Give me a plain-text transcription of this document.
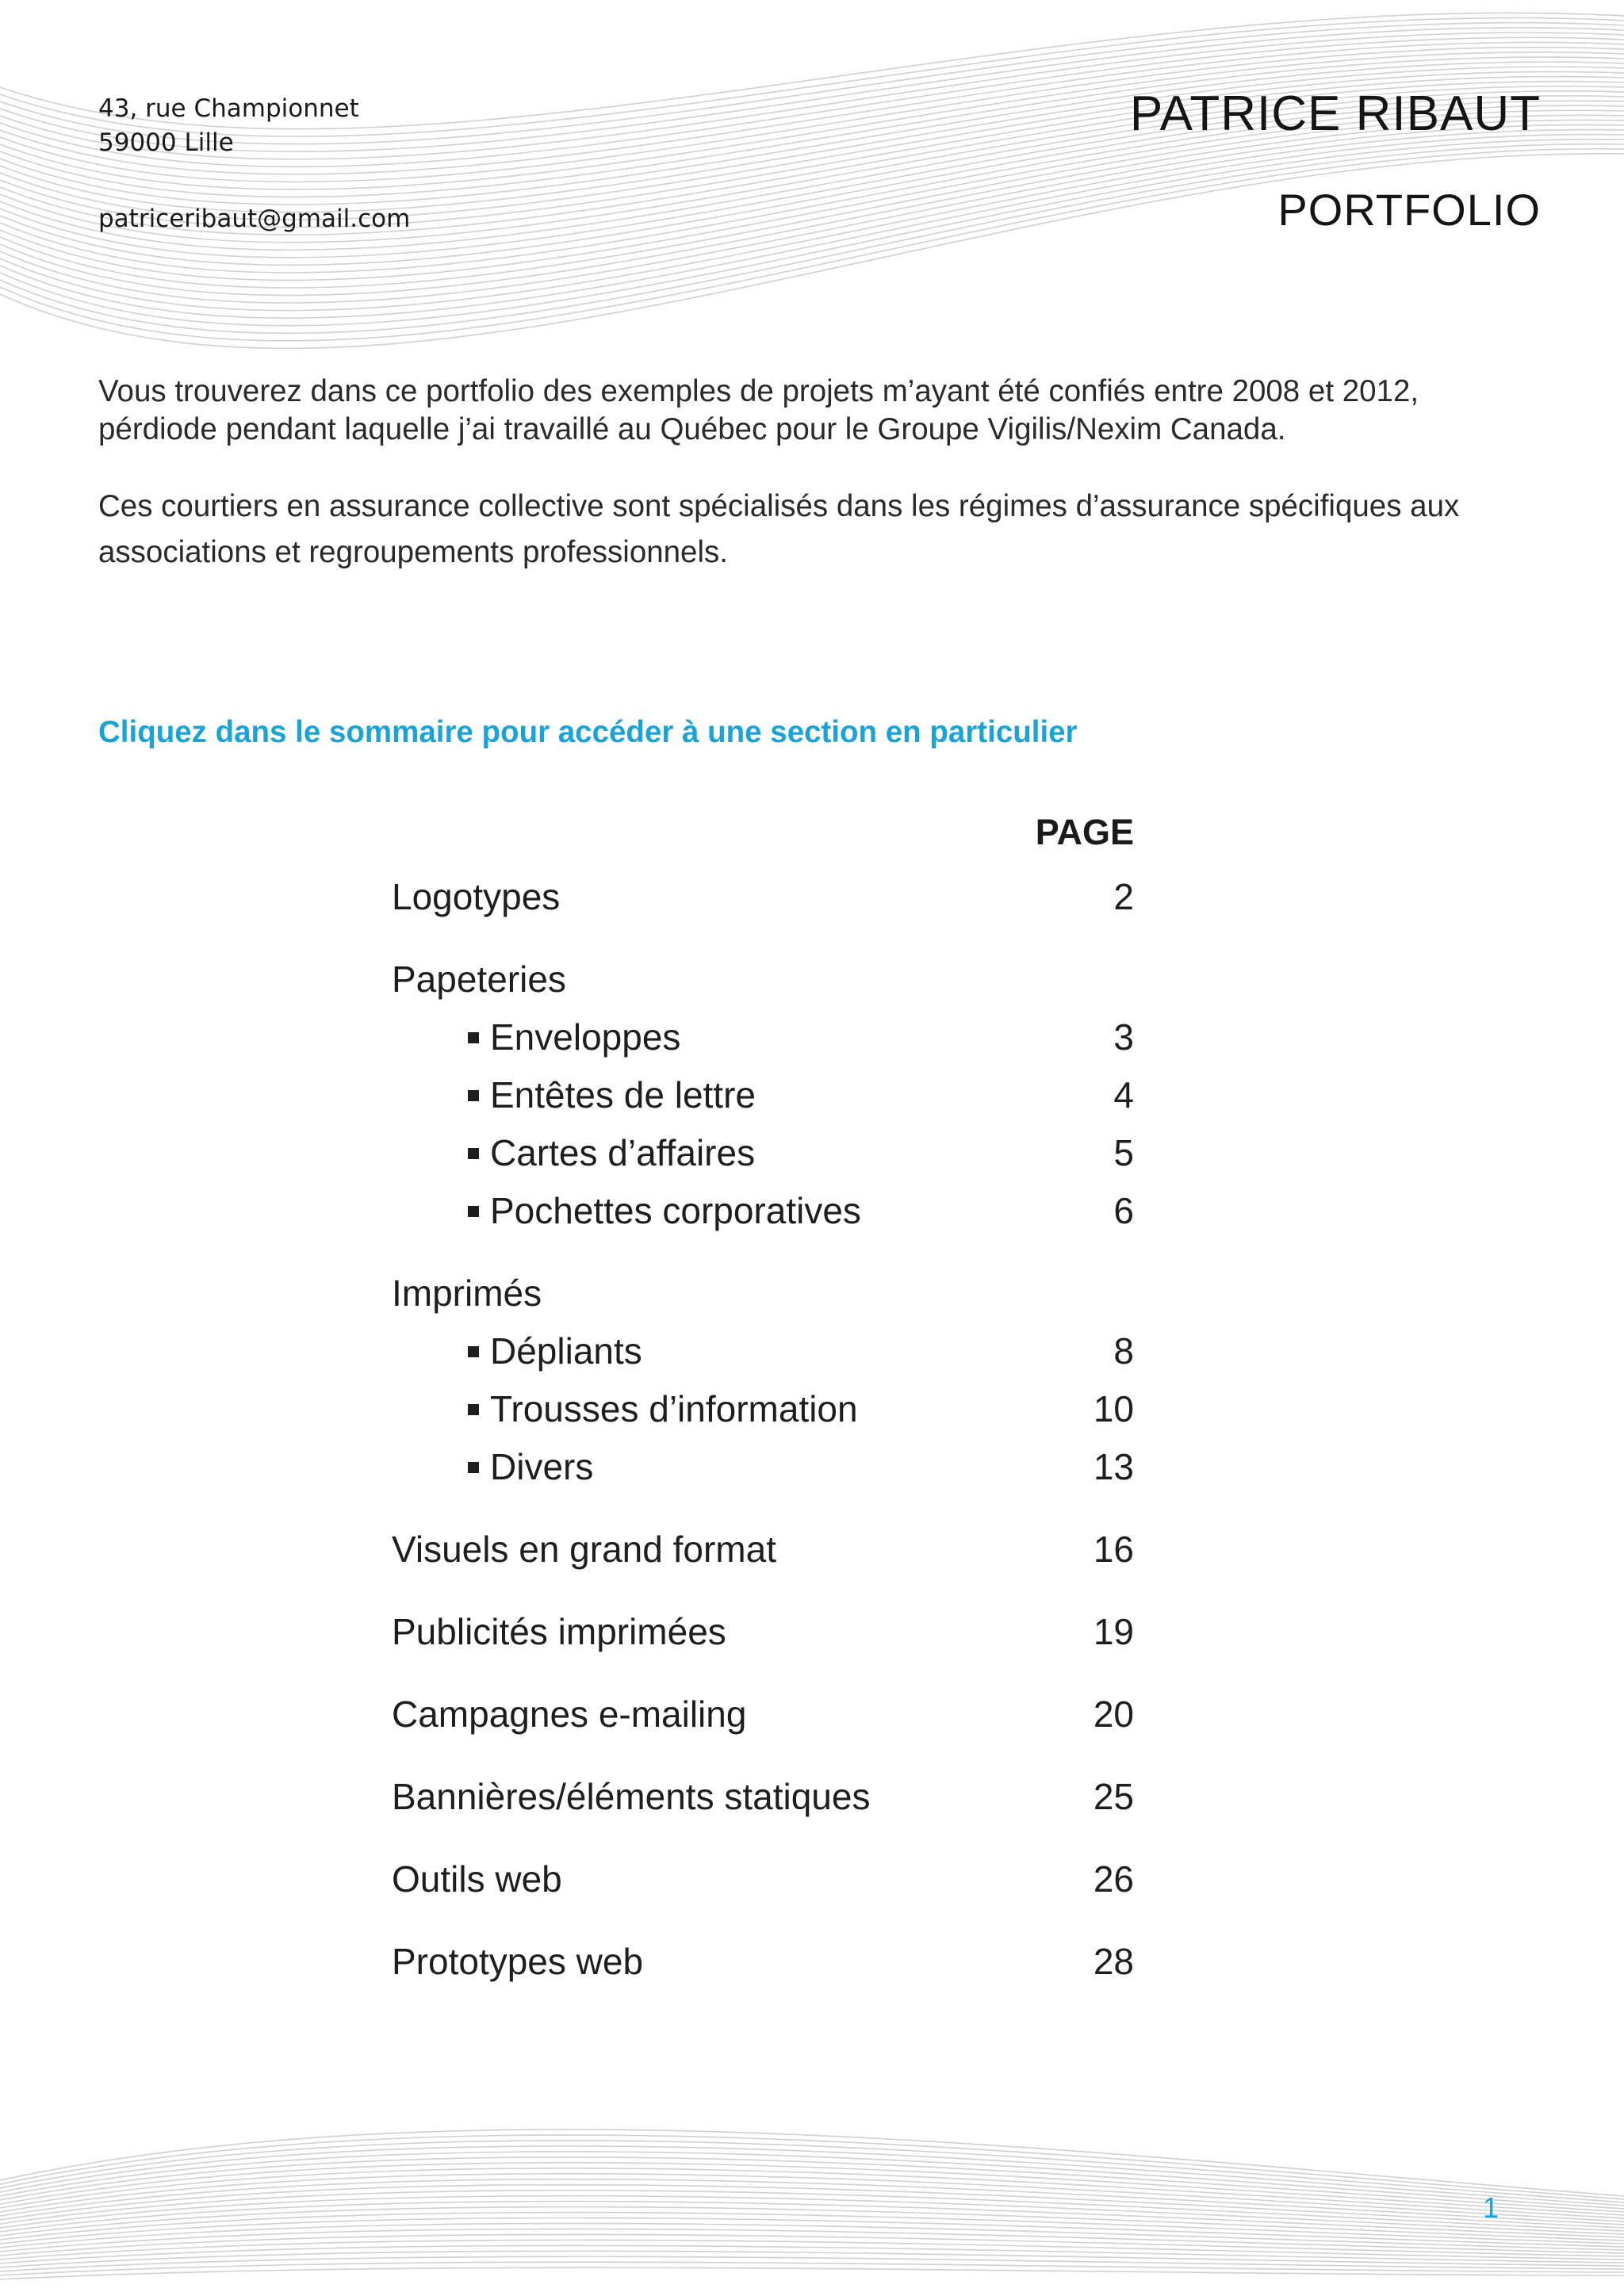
43, rue Championnet
59000 Lille
patriceribaut@gmail.com
PATRICE RIBAUT
PORTFOLIO

Vous trouverez dans ce portfolio des exemples de projets m’ayant été confiés entre 2008 et 2012,
pérdiode pendant laquelle j’ai travaillé au Québec pour le Groupe Vigilis/Nexim Canada.

Ces courtiers en assurance collective sont spécialisés dans les régimes d’assurance spécifiques aux
associations et regroupements professionnels.

Cliquez dans le sommaire pour accéder à une section en particulier
PAGE
Logotypes	2
Papeteries
Enveloppes	3
Entêtes de lettre	4
Cartes d’affaires	5
Pochettes corporatives	6
Imprimés
Dépliants	8
Trousses d’information	10
Divers	13
Visuels en grand format	16
Publicités imprimées	19
Campagnes e-mailing	20
Bannières/éléments statiques	25
Outils web	26
Prototypes web	28
1
